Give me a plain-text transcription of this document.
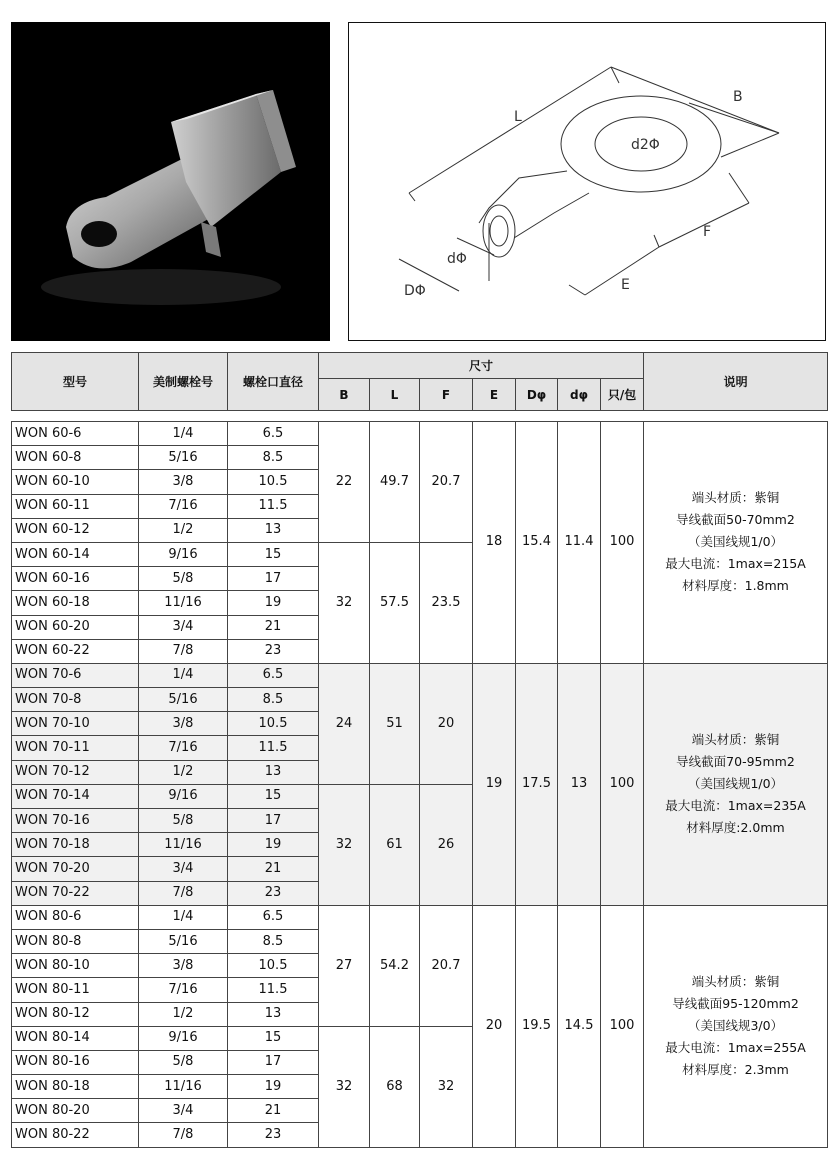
L
B
d2Φ
F
E
dΦ
DΦ
型号	美制螺栓号	螺栓口直径	尺寸							说明
			B	L	F	E	Dφ	dφ	只/包	
WON 60-6	1/4	6.5	22	49.7	20.7	18	15.4	11.4	100	端头材质：紫铜
导线截面50-70mm2
（美国线规1/0）
最大电流：1max=215A
材料厚度：1.8mm

WON 60-8	5/16	8.5								
WON 60-10	3/8	10.5								
WON 60-11	7/16	11.5								
WON 60-12	1/2	13								
WON 60-14	9/16	15	32	57.5	23.5					
WON 60-16	5/8	17								
WON 60-18	11/16	19								
WON 60-20	3/4	21								
WON 60-22	7/8	23								
WON 70-6	1/4	6.5	24	51	20	19	17.5	13	100	端头材质：紫铜
导线截面70-95mm2
（美国线规1/0）
最大电流：1max=235A
材料厚度:2.0mm

WON 70-8	5/16	8.5								
WON 70-10	3/8	10.5								
WON 70-11	7/16	11.5								
WON 70-12	1/2	13								
WON 70-14	9/16	15	32	61	26					
WON 70-16	5/8	17								
WON 70-18	11/16	19								
WON 70-20	3/4	21								
WON 70-22	7/8	23								
WON 80-6	1/4	6.5	27	54.2	20.7	20	19.5	14.5	100	端头材质：紫铜
导线截面95-120mm2
（美国线规3/0）
最大电流：1max=255A
材料厚度：2.3mm

WON 80-8	5/16	8.5								
WON 80-10	3/8	10.5								
WON 80-11	7/16	11.5								
WON 80-12	1/2	13								
WON 80-14	9/16	15	32	68	32					
WON 80-16	5/8	17								
WON 80-18	11/16	19								
WON 80-20	3/4	21								
WON 80-22	7/8	23								
